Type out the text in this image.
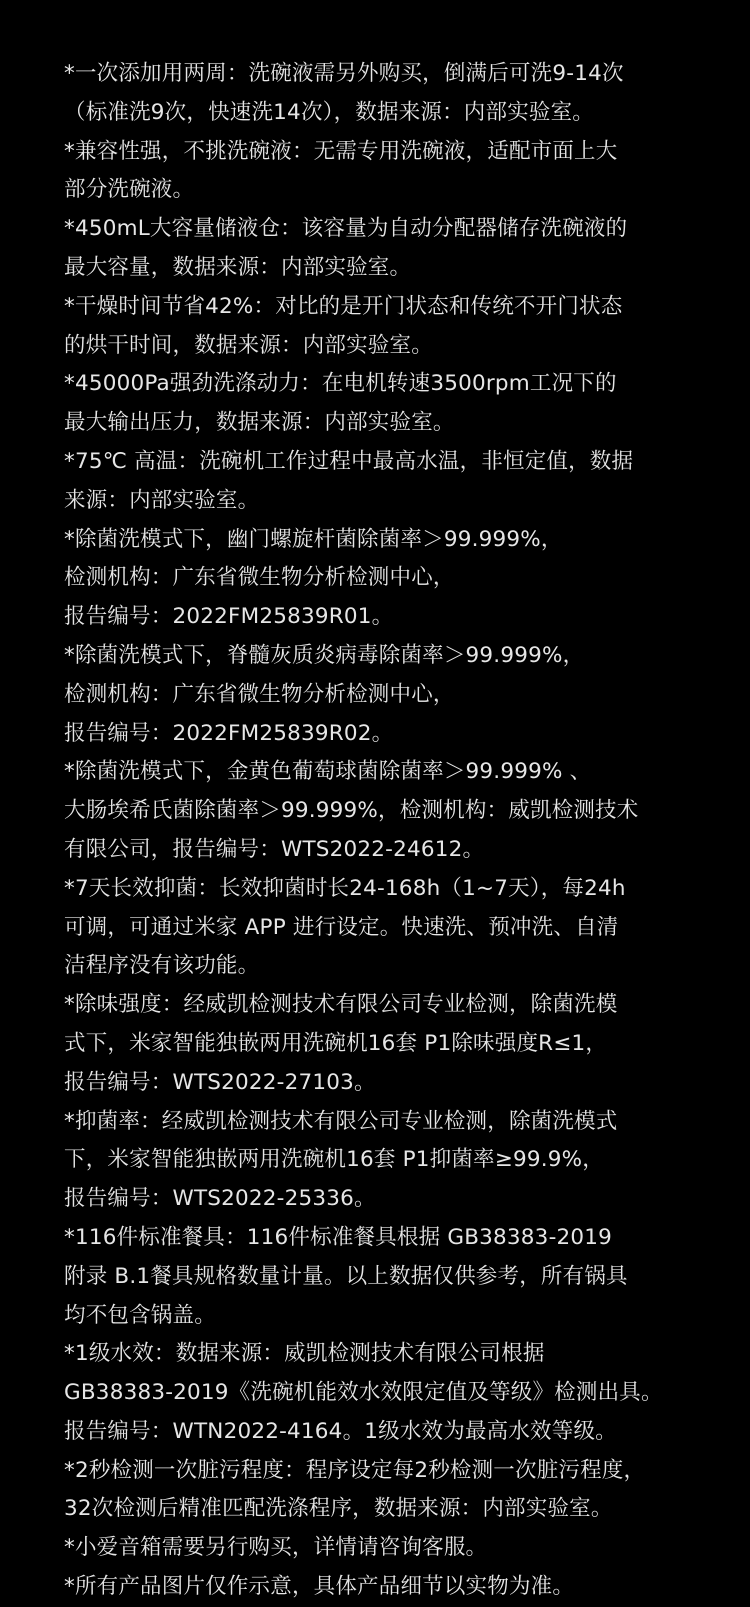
*一次添加用两周：洗碗液需另外购买，倒满后可洗9-14次
（标准洗9次，快速洗14次），数据来源：内部实验室。
*兼容性强，不挑洗碗液：无需专用洗碗液，适配市面上大
部分洗碗液。
*450mL大容量储液仓：该容量为自动分配器储存洗碗液的
最大容量，数据来源：内部实验室。
*干燥时间节省42%：对比的是开门状态和传统不开门状态
的烘干时间，数据来源：内部实验室。
*45000Pa强劲洗涤动力：在电机转速3500rpm工况下的
最大输出压力，数据来源：内部实验室。
*75℃ 高温：洗碗机工作过程中最高水温，非恒定值，数据
来源：内部实验室。
*除菌洗模式下，幽门螺旋杆菌除菌率＞99.999%，
检测机构：广东省微生物分析检测中心，
报告编号：2022FM25839R01。
*除菌洗模式下，脊髓灰质炎病毒除菌率＞99.999%，
检测机构：广东省微生物分析检测中心，
报告编号：2022FM25839R02。
*除菌洗模式下，金黄色葡萄球菌除菌率＞99.999% 、
大肠埃希氏菌除菌率＞99.999%，检测机构：威凯检测技术
有限公司，报告编号：WTS2022-24612。
*7天长效抑菌：长效抑菌时长24-168h（1~7天），每24h
可调，可通过米家 APP 进行设定。快速洗、预冲洗、自清
洁程序没有该功能。
*除味强度：经威凯检测技术有限公司专业检测，除菌洗模
式下，米家智能独嵌两用洗碗机16套 P1除味强度R≤1，
报告编号：WTS2022-27103。
*抑菌率：经威凯检测技术有限公司专业检测，除菌洗模式
下，米家智能独嵌两用洗碗机16套 P1抑菌率≥99.9%，
报告编号：WTS2022-25336。
*116件标准餐具：116件标准餐具根据 GB38383-2019
附录 B.1餐具规格数量计量。以上数据仅供参考，所有锅具
均不包含锅盖。
*1级水效：数据来源：威凯检测技术有限公司根据
GB38383-2019《洗碗机能效水效限定值及等级》检测出具。
报告编号：WTN2022-4164。1级水效为最高水效等级。
*2秒检测一次脏污程度：程序设定每2秒检测一次脏污程度，
32次检测后精准匹配洗涤程序，数据来源：内部实验室。
*小爱音箱需要另行购买，详情请咨询客服。
*所有产品图片仅作示意，具体产品细节以实物为准。
